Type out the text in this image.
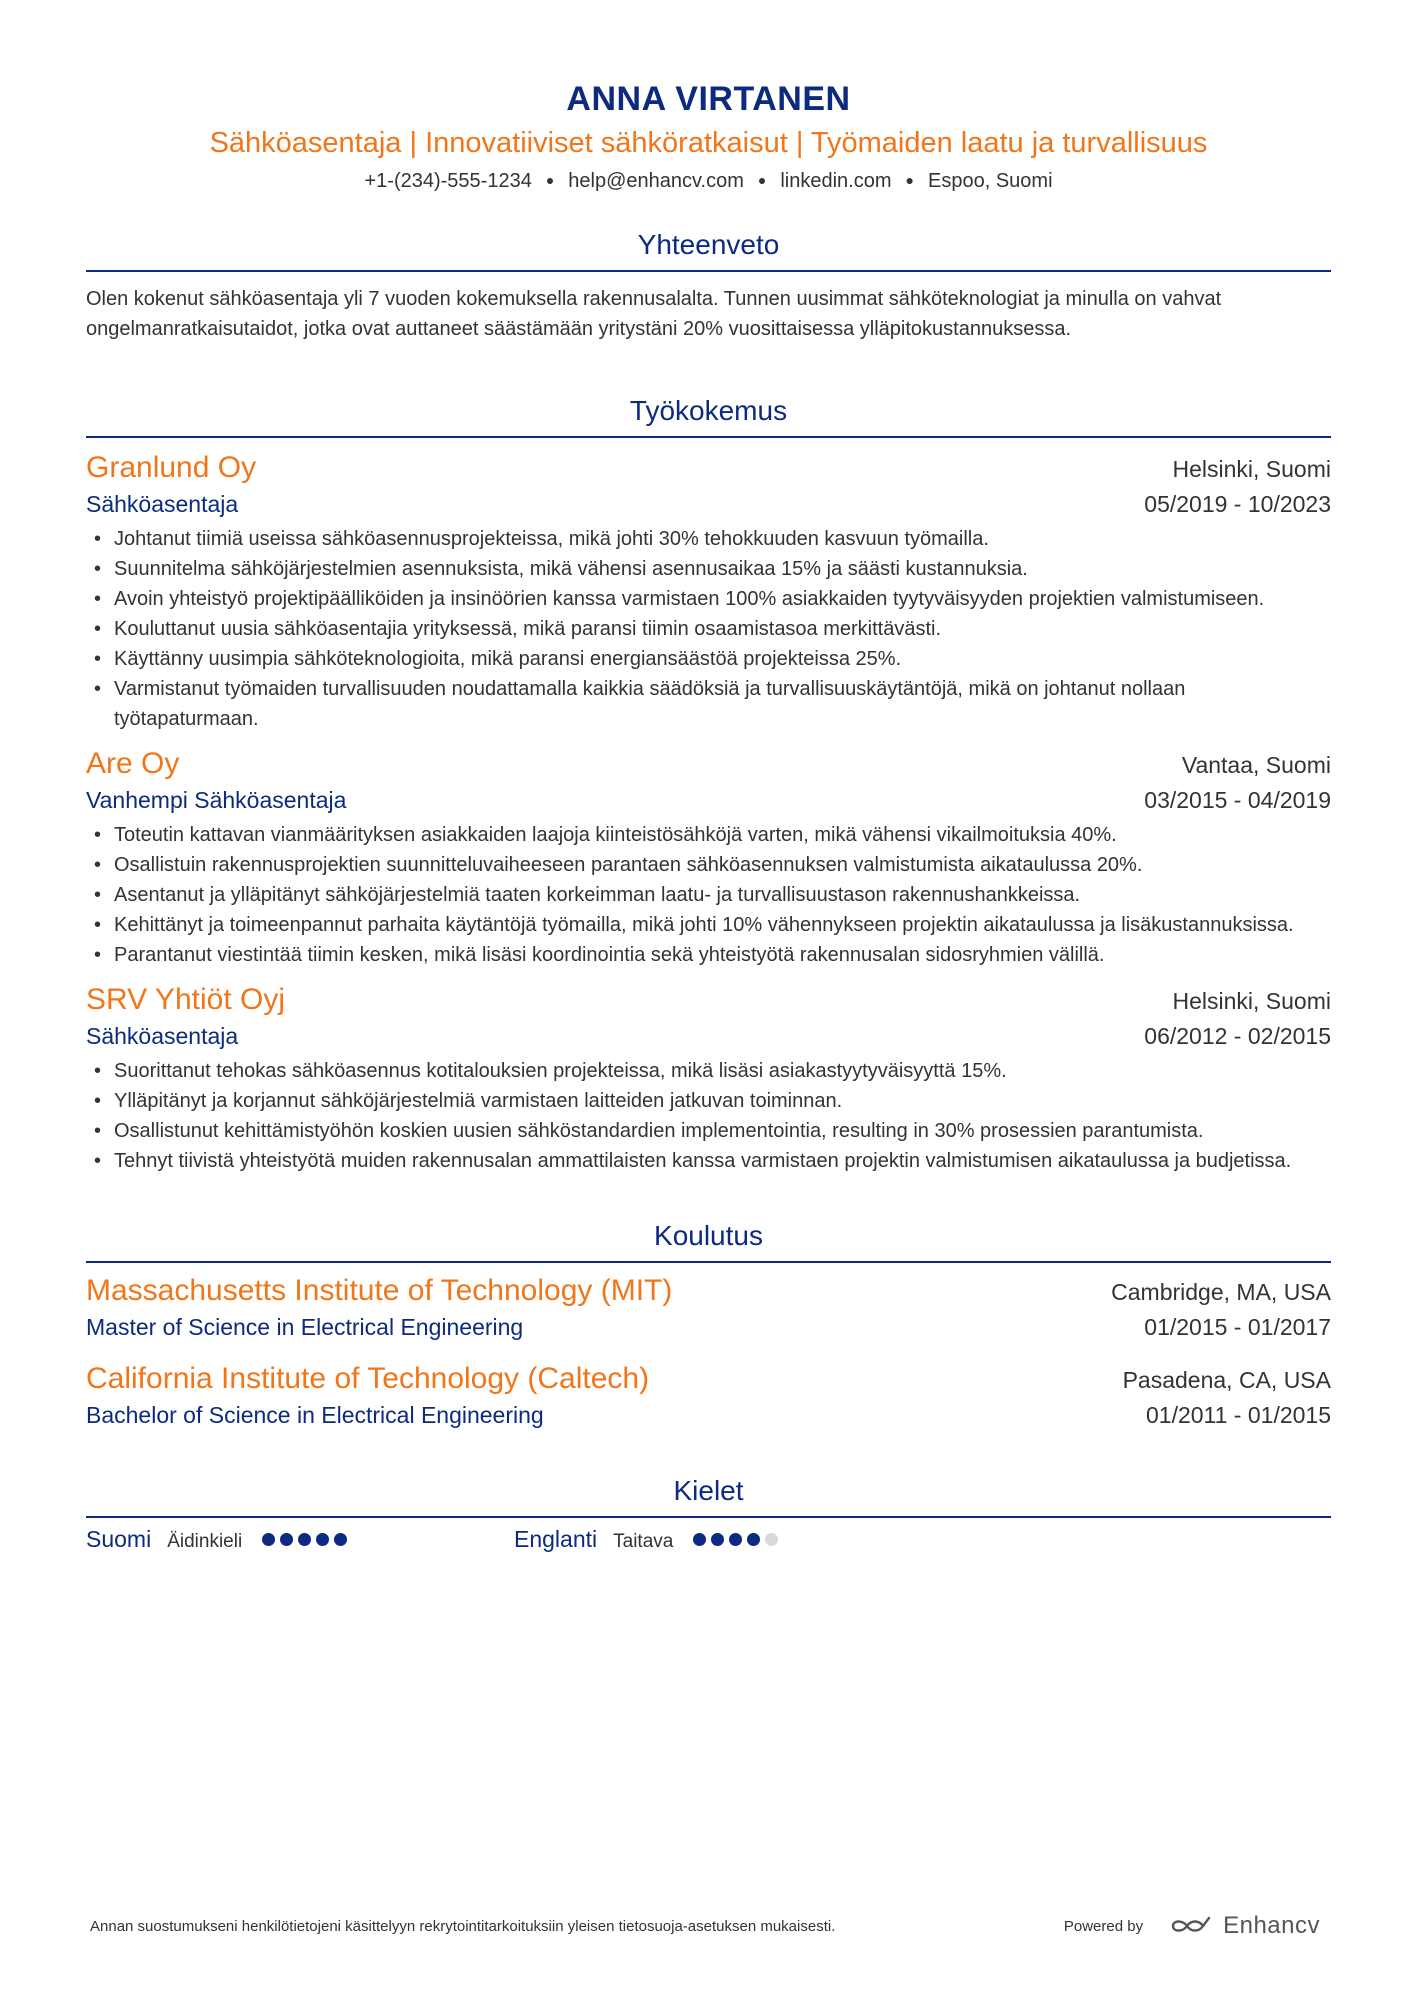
ANNA VIRTANEN
Sähköasentaja | Innovatiiviset sähköratkaisut | Työmaiden laatu ja turvallisuus
+1-(234)-555-1234 ● help@enhancv.com ● linkedin.com ● Espoo, Suomi
Yhteenveto
Olen kokenut sähköasentaja yli 7 vuoden kokemuksella rakennusalalta. Tunnen uusimmat sähköteknologiat ja minulla on vahvat ongelmanratkaisutaidot, jotka ovat auttaneet säästämään yritystäni 20% vuosittaisessa ylläpitokustannuksessa.
Työkokemus
Granlund Oy	Helsinki, Suomi
Sähköasentaja	05/2019 - 10/2023
• Johtanut tiimiä useissa sähköasennusprojekteissa, mikä johti 30% tehokkuuden kasvuun työmailla.
• Suunnitelma sähköjärjestelmien asennuksista, mikä vähensi asennusaikaa 15% ja säästi kustannuksia.
• Avoin yhteistyö projektipäälliköiden ja insinöörien kanssa varmistaen 100% asiakkaiden tyytyväisyyden projektien valmistumiseen.
• Kouluttanut uusia sähköasentajia yrityksessä, mikä paransi tiimin osaamistasoa merkittävästi.
• Käyttänny uusimpia sähköteknologioita, mikä paransi energiansäästöä projekteissa 25%.
• Varmistanut työmaiden turvallisuuden noudattamalla kaikkia säädöksiä ja turvallisuuskäytäntöjä, mikä on johtanut nollaan työtapaturmaan.
Are Oy	Vantaa, Suomi
Vanhempi Sähköasentaja	03/2015 - 04/2019
• Toteutin kattavan vianmäärityksen asiakkaiden laajoja kiinteistösähköjä varten, mikä vähensi vikailmoituksia 40%.
• Osallistuin rakennusprojektien suunnitteluvaiheeseen parantaen sähköasennuksen valmistumista aikataulussa 20%.
• Asentanut ja ylläpitänyt sähköjärjestelmiä taaten korkeimman laatu- ja turvallisuustason rakennushankkeissa.
• Kehittänyt ja toimeenpannut parhaita käytäntöjä työmailla, mikä johti 10% vähennykseen projektin aikataulussa ja lisäkustannuksissa.
• Parantanut viestintää tiimin kesken, mikä lisäsi koordinointia sekä yhteistyötä rakennusalan sidosryhmien välillä.
SRV Yhtiöt Oyj	Helsinki, Suomi
Sähköasentaja	06/2012 - 02/2015
• Suorittanut tehokas sähköasennus kotitalouksien projekteissa, mikä lisäsi asiakastyytyväisyyttä 15%.
• Ylläpitänyt ja korjannut sähköjärjestelmiä varmistaen laitteiden jatkuvan toiminnan.
• Osallistunut kehittämistyöhön koskien uusien sähköstandardien implementointia, resulting in 30% prosessien parantumista.
• Tehnyt tiivistä yhteistyötä muiden rakennusalan ammattilaisten kanssa varmistaen projektin valmistumisen aikataulussa ja budjetissa.
Koulutus
Massachusetts Institute of Technology (MIT)	Cambridge, MA, USA
Master of Science in Electrical Engineering	01/2015 - 01/2017
California Institute of Technology (Caltech)	Pasadena, CA, USA
Bachelor of Science in Electrical Engineering	01/2011 - 01/2015
Kielet
Suomi Äidinkieli	Englanti Taitava
Annan suostumukseni henkilötietojeni käsittelyyn rekrytointitarkoituksiin yleisen tietosuoja-asetuksen mukaisesti.	Powered by	Enhancv
